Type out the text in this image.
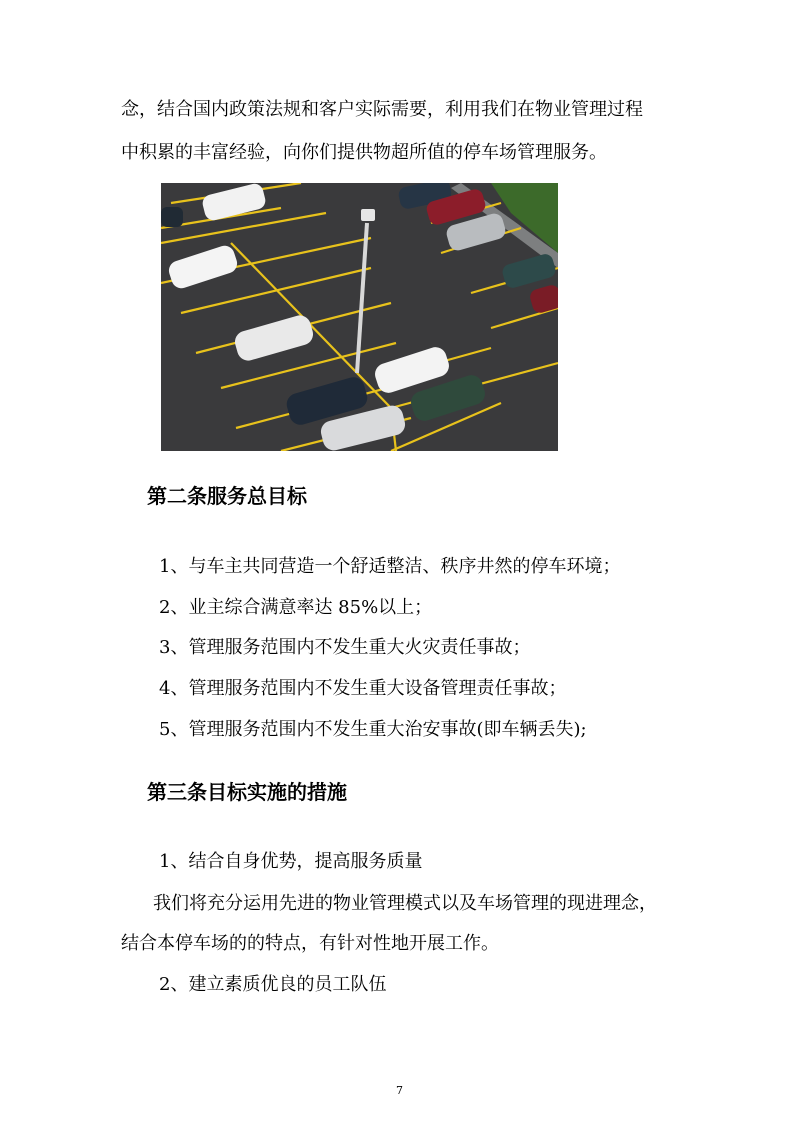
念，结合国内政策法规和客户实际需要，利用我们在物业管理过程
中积累的丰富经验，向你们提供物超所值的停车场管理服务。
第二条服务总目标
1、与车主共同营造一个舒适整洁、秩序井然的停车环境；
2、业主综合满意率达 85%以上；
3、管理服务范围内不发生重大火灾责任事故；
4、管理服务范围内不发生重大设备管理责任事故；
5、管理服务范围内不发生重大治安事故(即车辆丢失);
第三条目标实施的措施
1、结合自身优势，提高服务质量
我们将充分运用先进的物业管理模式以及车场管理的现进理念，
结合本停车场的的特点，有针对性地开展工作。
2、建立素质优良的员工队伍
7
